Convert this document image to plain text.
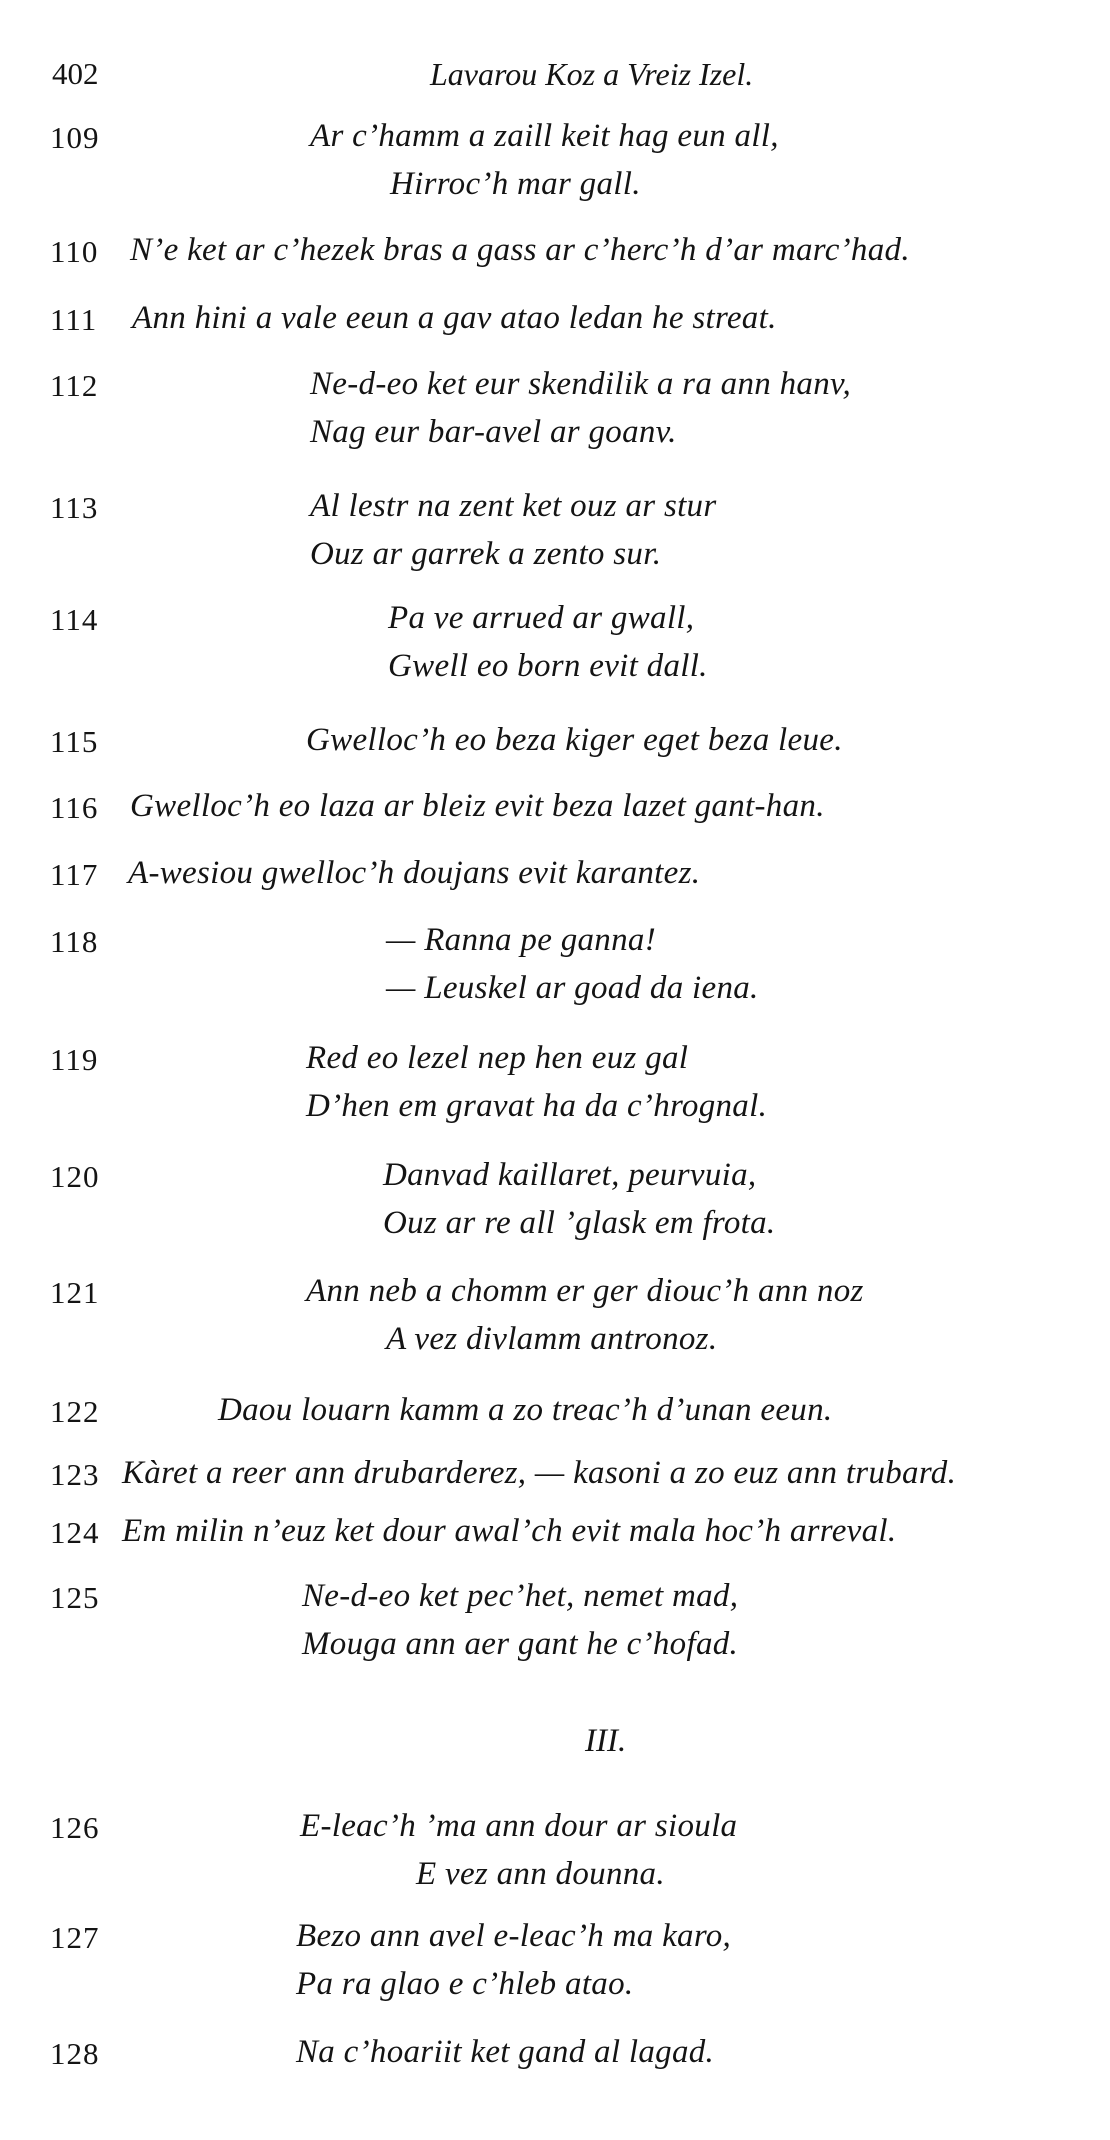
402	Lavarou Koz a Vreiz Izel.
III.
109	Ar c’hamm a zaill keit hag eun all,
Hirroc’h mar gall.
110 N’e ket ar c’hezek bras a gass ar c’herc’h d’ar marc’had.
111 Ann hini a vale eeun a gav atao ledan he streat.
112	Ne-d-eo ket eur skendilik a ra ann hanv,
Nag eur bar-avel ar goanv.
113	Al lestr na zent ket ouz ar stur
Ouz ar garrek a zento sur.
114	Pa ve arrued ar gwall,
Gwell eo born evit dall.
115	Gwelloc’h eo beza kiger eget beza leue.
116 Gwelloc’h eo laza ar bleiz evit beza lazet gant-han.
117 A-wesiou gwelloc’h doujans evit karantez.
118	— Ranna pe ganna!
— Leuskel ar goad da iena.
119	Red eo lezel nep hen euz gal
D’hen em gravat ha da c’hrognal.
120	Danvad kaillaret, peurvuia,
Ouz ar re all ’glask em frota.
121	Ann neb a chomm er ger diouc’h ann noz
A vez divlamm antronoz.
122	Daou louarn kamm a zo treac’h d’unan eeun.
123 Kàret a reer ann drubarderez, — kasoni a zo euz ann trubard.
124 Em milin n’euz ket dour awal’ch evit mala hoc’h arreval.
125	Ne-d-eo ket pec’het, nemet mad,
Mouga ann aer gant he c’hofad.
126	E-leac’h ’ma ann dour ar sioula
E vez ann dounna.
127	Bezo ann avel e-leac’h ma karo,
Pa ra glao e c’hleb atao.
128	Na c’hoariit ket gand al lagad.
